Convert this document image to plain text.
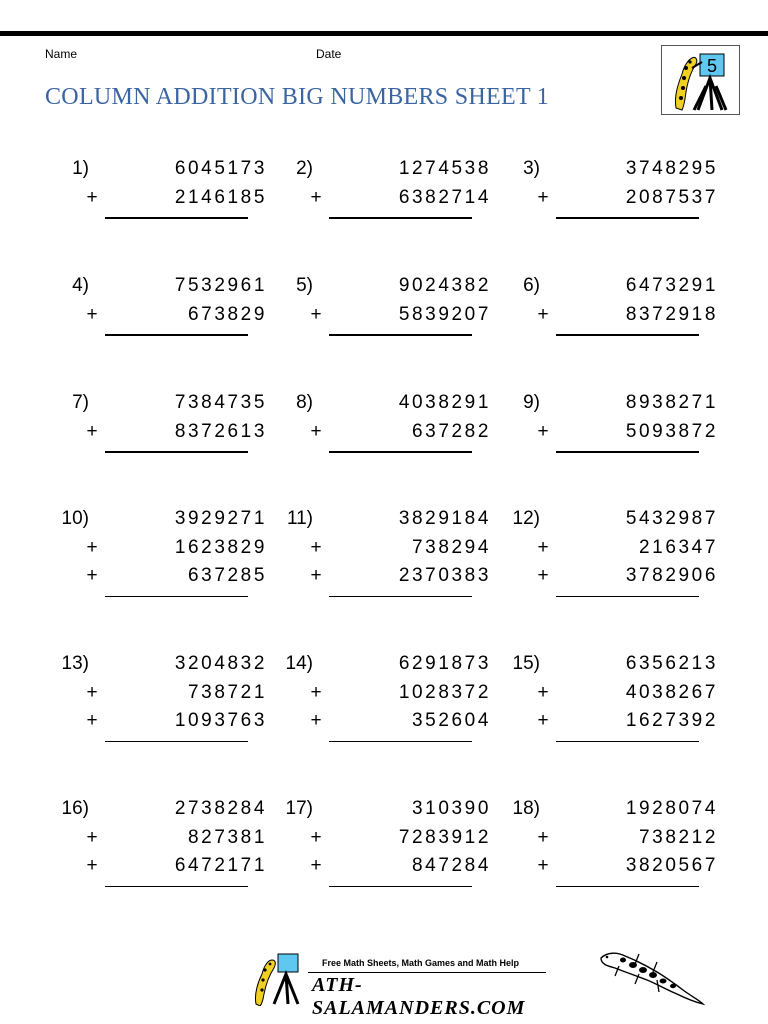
Name	Date
COLUMN ADDITION BIG NUMBERS SHEET 1
5
1)	6045173
+	2146185
2)	1274538
+	6382714
3)	3748295
+	2087537
4)	7532961
+	673829
5)	9024382
+	5839207
6)	6473291
+	8372918
7)	7384735
+	8372613
8)	4038291
+	637282
9)	8938271
+	5093872
10)	3929271
+	1623829
+	637285
11)	3829184
+	738294
+	2370383
12)	5432987
+	216347
+	3782906
13)	3204832
+	738721
+	1093763
14)	6291873
+	1028372
+	352604
15)	6356213
+	4038267
+	1627392
16)	2738284
+	827381
+	6472171
17)	310390
+	7283912
+	847284
18)	1928074
+	738212
+	3820567
Free Math Sheets, Math Games and Math Help
ATH-SALAMANDERS.COM
